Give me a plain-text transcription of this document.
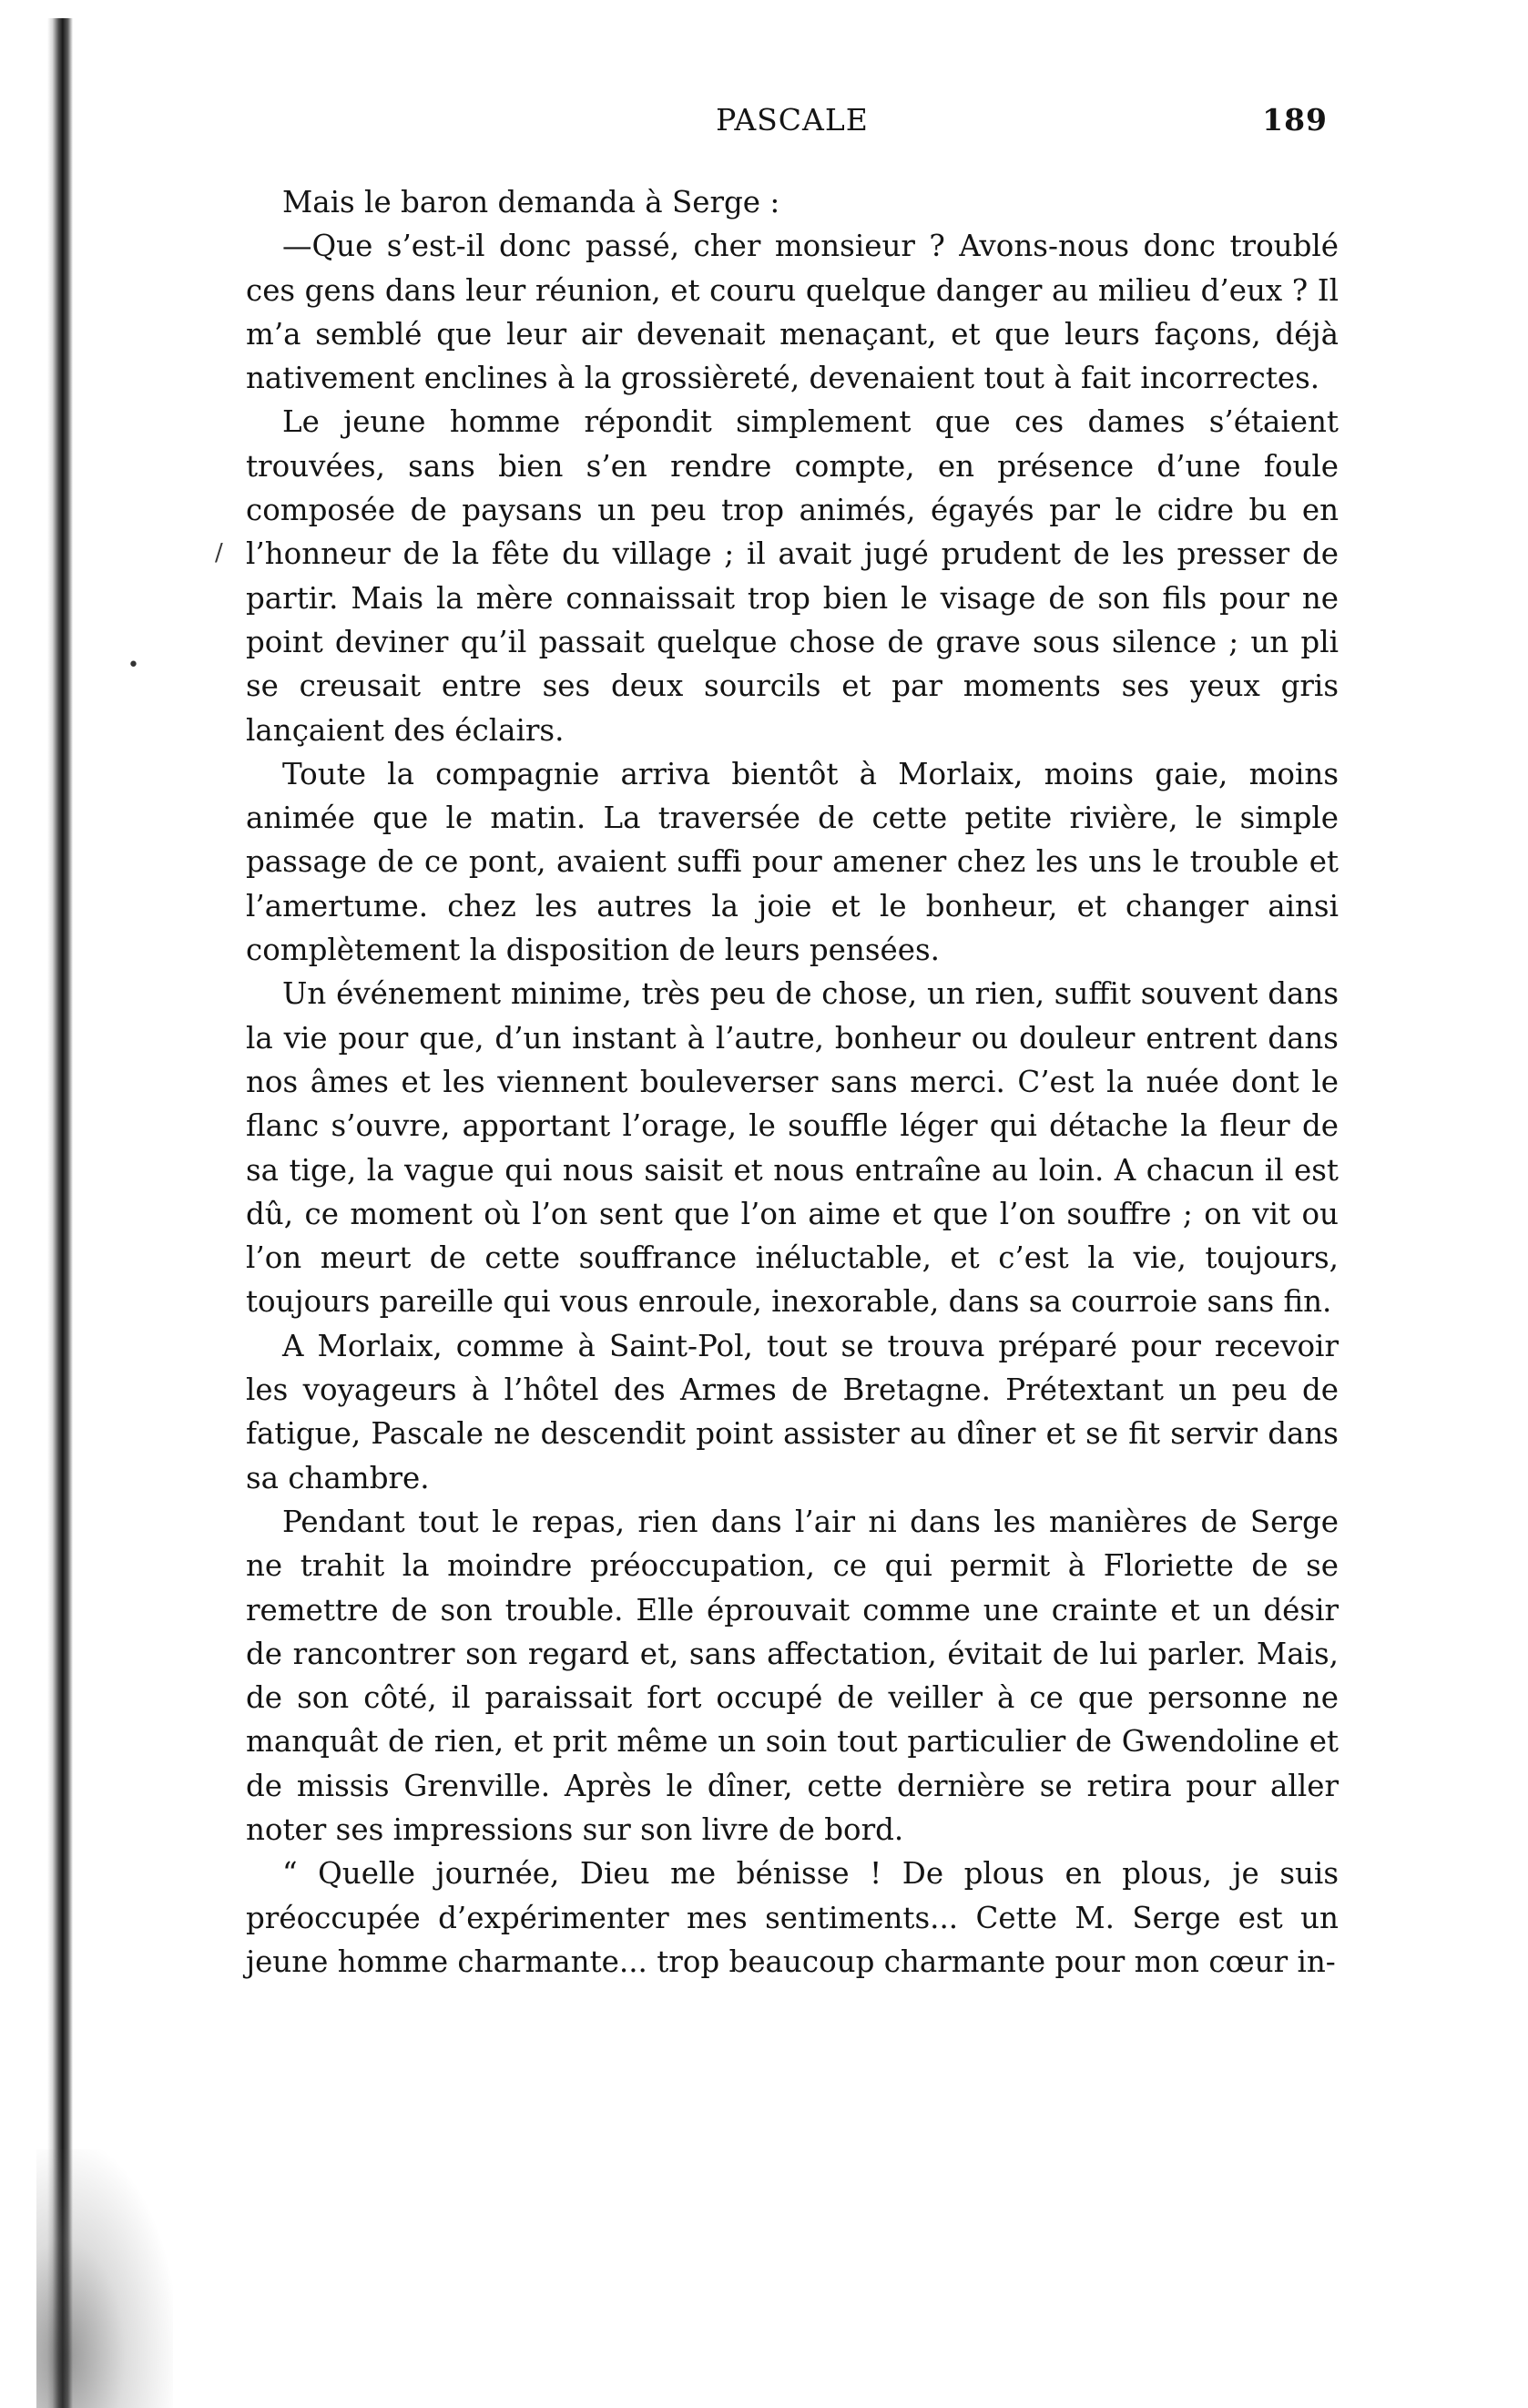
/
•
PASCALE	189

Mais le baron demanda à Serge :

—Que s’est-il donc passé, cher monsieur ? Avons-nous donc troublé ces gens dans leur réunion, et couru quelque danger au milieu d’eux ? Il m’a semblé que leur air devenait menaçant, et que leurs façons, déjà nativement enclines à la grossièreté, devenaient tout à fait incorrectes.

Le jeune homme répondit simplement que ces dames s’étaient trouvées, sans bien s’en rendre compte, en présence d’une foule composée de paysans un peu trop animés, égayés par le cidre bu en l’honneur de la fête du village ; il avait jugé prudent de les presser de partir. Mais la mère connaissait trop bien le visage de son fils pour ne point deviner qu’il passait quelque chose de grave sous silence ; un pli se creusait entre ses deux sourcils et par moments ses yeux gris lançaient des éclairs.

Toute la compagnie arriva bientôt à Morlaix, moins gaie, moins animée que le matin. La traversée de cette petite rivière, le simple passage de ce pont, avaient suffi pour amener chez les uns le trouble et l’amertume. chez les autres la joie et le bonheur, et changer ainsi complètement la disposition de leurs pensées.

Un événement minime, très peu de chose, un rien, suffit souvent dans la vie pour que, d’un instant à l’autre, bonheur ou douleur entrent dans nos âmes et les viennent bouleverser sans merci. C’est la nuée dont le flanc s’ouvre, apportant l’orage, le souffle léger qui détache la fleur de sa tige, la vague qui nous saisit et nous entraîne au loin. A chacun il est dû, ce moment où l’on sent que l’on aime et que l’on souffre ; on vit ou l’on meurt de cette souffrance inéluctable, et c’est la vie, toujours, toujours pareille qui vous enroule, inexorable, dans sa courroie sans fin.

A Morlaix, comme à Saint-Pol, tout se trouva préparé pour recevoir les voyageurs à l’hôtel des Armes de Bretagne. Prétextant un peu de fatigue, Pascale ne descendit point assister au dîner et se fit servir dans sa chambre.

Pendant tout le repas, rien dans l’air ni dans les manières de Serge ne trahit la moindre préoccupation, ce qui permit à Floriette de se remettre de son trouble. Elle éprouvait comme une crainte et un désir de rancontrer son regard et, sans affectation, évitait de lui parler. Mais, de son côté, il paraissait fort occupé de veiller à ce que personne ne manquât de rien, et prit même un soin tout particulier de Gwendoline et de missis Grenville. Après le dîner, cette dernière se retira pour aller noter ses impressions sur son livre de bord.

“ Quelle journée, Dieu me bénisse ! De plous en plous, je suis préoccupée d’expérimenter mes sentiments... Cette M. Serge est un jeune homme charmante... trop beaucoup charmante pour mon cœur in-
